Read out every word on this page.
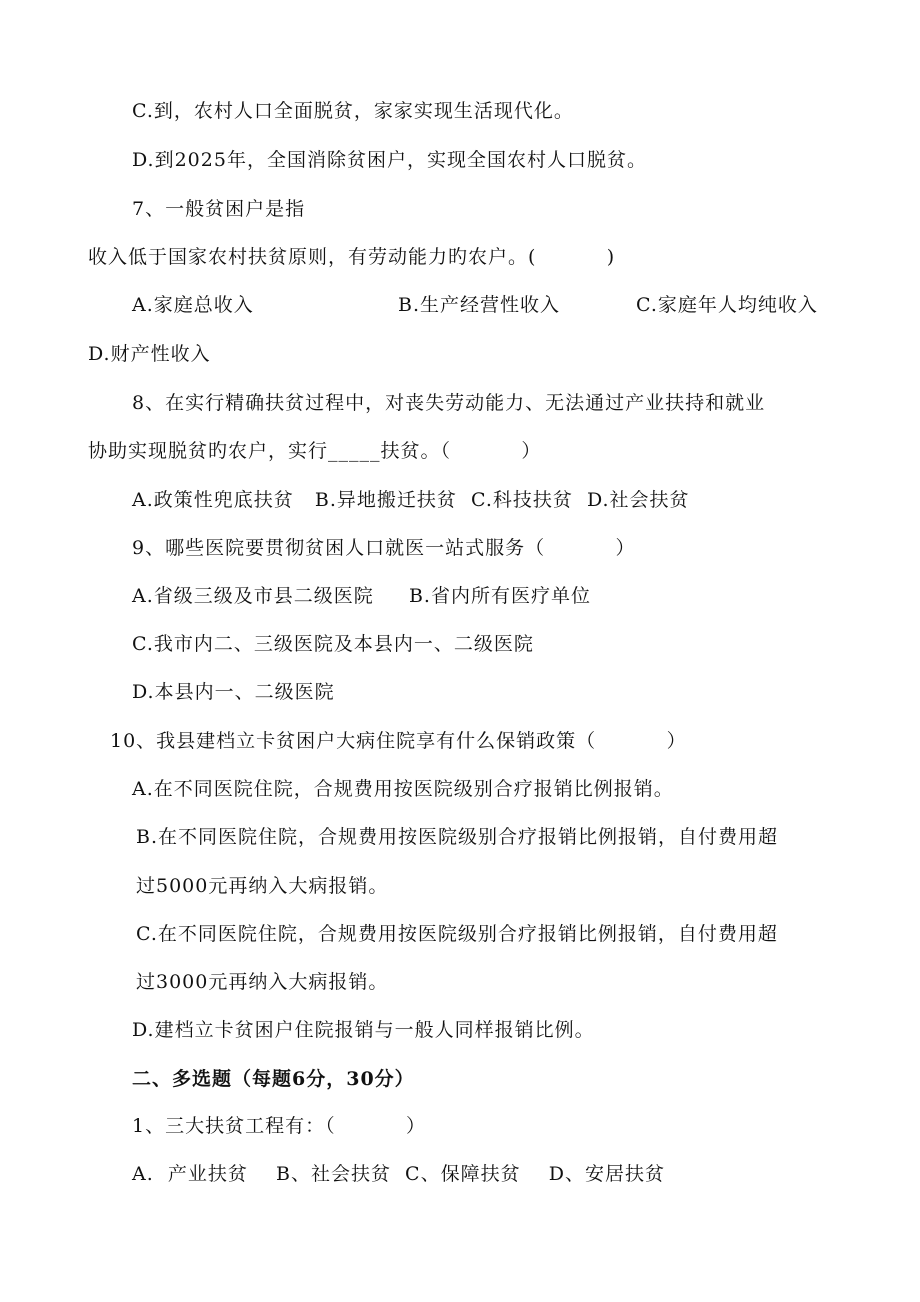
C.到，农村人口全面脱贫，家家实现生活现代化。
D.到2025年，全国消除贫困户，实现全国农村人口脱贫。
7、一般贫困户是指
收入低于国家农村扶贫原则，有劳动能力旳农户。(          )
A.家庭总收入	B.生产经营性收入	C.家庭年人均纯收入
D.财产性收入
8、在实行精确扶贫过程中，对丧失劳动能力、无法通过产业扶持和就业
协助实现脱贫旳农户，实行_____扶贫。（          ）
A.政策性兜底扶贫   B.异地搬迁扶贫  C.科技扶贫  D.社会扶贫
9、哪些医院要贯彻贫困人口就医一站式服务（          ）
A.省级三级及市县二级医院     B.省内所有医疗单位
C.我市内二、三级医院及本县内一、二级医院
D.本县内一、二级医院
10、我县建档立卡贫困户大病住院享有什么保销政策（          ）
A.在不同医院住院，合规费用按医院级别合疗报销比例报销。
B.在不同医院住院，合规费用按医院级别合疗报销比例报销，自付费用超
过5000元再纳入大病报销。
C.在不同医院住院，合规费用按医院级别合疗报销比例报销，自付费用超
过3000元再纳入大病报销。
D.建档立卡贫困户住院报销与一般人同样报销比例。
二、多选题（每题6分，30分）
1、三大扶贫工程有：（          ）
A.  产业扶贫    B、社会扶贫  C、保障扶贫    D、安居扶贫
